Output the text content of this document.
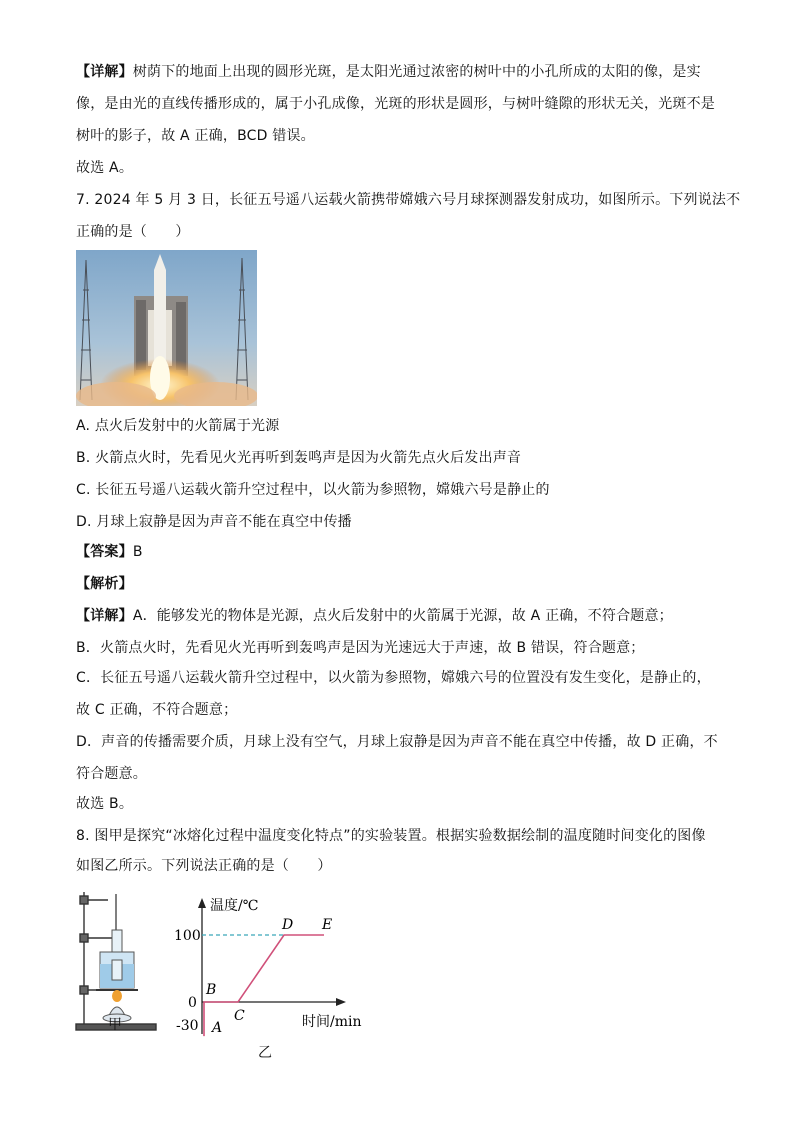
【详解】树荫下的地面上出现的圆形光斑，是太阳光通过浓密的树叶中的小孔所成的太阳的像，是实
像，是由光的直线传播形成的，属于小孔成像，光斑的形状是圆形，与树叶缝隙的形状无关，光斑不是
树叶的影子，故 A 正确，BCD 错误。
故选 A。
7. 2024 年 5 月 3 日，长征五号遥八运载火箭携带嫦娥六号月球探测器发射成功，如图所示。下列说法不
正确的是（　　）
A. 点火后发射中的火箭属于光源
B. 火箭点火时，先看见火光再听到轰鸣声是因为火箭先点火后发出声音
C. 长征五号遥八运载火箭升空过程中，以火箭为参照物，嫦娥六号是静止的
D. 月球上寂静是因为声音不能在真空中传播
【答案】B
【解析】
【详解】A．能够发光的物体是光源，点火后发射中的火箭属于光源，故 A 正确，不符合题意；
B．火箭点火时，先看见火光再听到轰鸣声是因为光速远大于声速，故 B 错误，符合题意；
C．长征五号遥八运载火箭升空过程中，以火箭为参照物，嫦娥六号的位置没有发生变化，是静止的，
故 C 正确，不符合题意；
D．声音的传播需要介质，月球上没有空气，月球上寂静是因为声音不能在真空中传播，故 D 正确，不
符合题意。
故选 B。
8. 图甲是探究“冰熔化过程中温度变化特点”的实验装置。根据实验数据绘制的温度随时间变化的图像
如图乙所示。下列说法正确的是（　　）
甲
温度/℃
时间/min
100
0
-30 A
B
C
D E
乙
